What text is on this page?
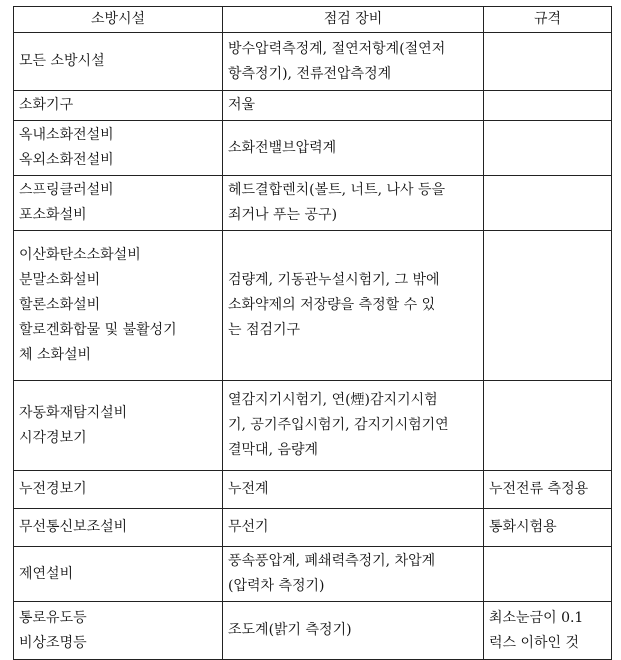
소방시설	점검 장비	규격

모든 소방시설	방수압력측정계, 절연저항계(절연저
항측정기), 전류전압측정계	

소화기구	저울	

옥내소화전설비
옥외소화전설비	소화전밸브압력계	

스프링클러설비
포소화설비	헤드결합렌치(볼트, 너트, 나사 등을
죄거나 푸는 공구)	

이산화탄소소화설비
분말소화설비
할론소화설비
할로겐화합물 및 불활성기
체 소화설비	검량계, 기동관누설시험기, 그 밖에
소화약제의 저장량을 측정할 수 있
는 점검기구	

자동화재탐지설비
시각경보기	열감지기시험기, 연(煙)감지기시험
기, 공기주입시험기, 감지기시험기연
결막대, 음량계	

누전경보기	누전계	누전전류 측정용

무선통신보조설비	무선기	통화시험용

제연설비	풍속풍압계, 폐쇄력측정기, 차압계
(압력차 측정기)	

통로유도등
비상조명등	조도계(밝기 측정기)	최소눈금이 0.1
럭스 이하인 것
